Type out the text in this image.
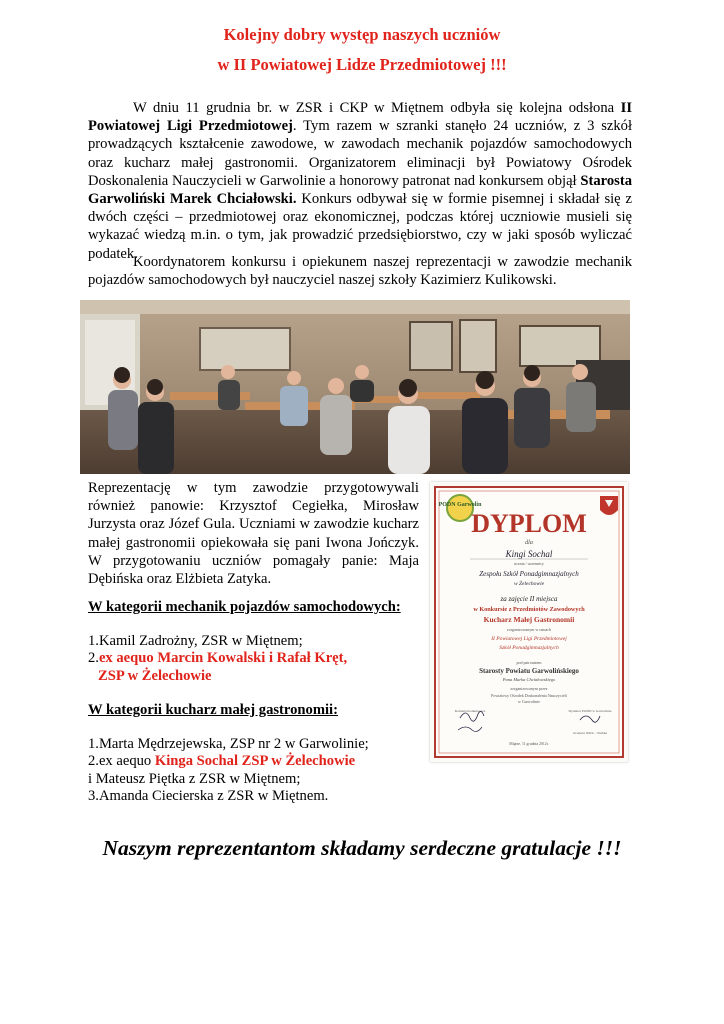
Kolejny dobry występ naszych uczniów
w II Powiatowej Lidze Przedmiotowej !!!

W dniu 11 grudnia br. w ZSR i CKP w Miętnem odbyła się kolejna odsłona II Powiatowej Ligi Przedmiotowej. Tym razem w szranki stanęło 24 uczniów, z 3 szkół prowadzących kształcenie zawodowe, w zawodach mechanik pojazdów samochodowych oraz kucharz małej gastronomii. Organizatorem eliminacji był Powiatowy Ośrodek Doskonalenia Nauczycieli w Garwolinie a honorowy patronat nad konkursem objął Starosta Garwoliński Marek Chciałowski. Konkurs odbywał się w formie pisemnej i składał się z dwóch części – przedmiotowej oraz ekonomicznej, podczas której uczniowie musieli się wykazać wiedzą m.in. o tym, jak prowadzić przedsiębiorstwo, czy w jaki sposób wyliczać podatek.

Koordynatorem konkursu i opiekunem naszej reprezentacji w zawodzie mechanik pojazdów samochodowych był nauczyciel naszej szkoły Kazimierz Kulikowski.

Reprezentację w tym zawodzie przygotowywali również panowie: Krzysztof Cegiełka, Mirosław Jurzysta oraz Józef Gula. Uczniami w zawodzie kucharz małej gastronomii opiekowała się pani Iwona Jończyk. W przygotowaniu uczniów pomagały panie: Maja Dębińska oraz Elżbieta Zatyka.

W kategorii mechanik pojazdów samochodowych:
1.Kamil Zadrożny, ZSR w Miętnem;
2.ex aequo Marcin Kowalski i Rafał Kręt,
ZSP w Żelechowie
W kategorii kucharz małej gastronomii:
1.Marta Mędrzejewska, ZSP nr 2 w Garwolinie;
2.ex aequo Kinga Sochal ZSP w Żelechowie
i Mateusz Piętka z ZSR w Miętnem;
3.Amanda Ciecierska z ZSR w Miętnem.
PODN Garwolin
DYPLOM
dla
Kingi Sochal
ucznia / uczennicy
Zespołu Szkół Ponadgimnazjalnych
w Żelechowie
za zajęcie II miejsca
w Konkursie z Przedmiotów Zawodowych
Kucharz Małej Gastronomii
zorganizowanym w ramach
II Powiatowej Ligi Przedmiotowej
Szkół Ponadgimnazjalnych
pod patronatem
Starosty Powiatu Garwolińskiego
Pana Marka Chciałowskiego
zorganizowanym przez
Powiatowy Ośrodek Doskonalenia Nauczycieli
w Garwolinie
Komisja Konkursowa	Dyrektor PODN w Garwolinie
Grażyna Witek – Wolska
Miętne, 11 grudnia 2012r.
Naszym reprezentantom składamy serdeczne gratulacje !!!
